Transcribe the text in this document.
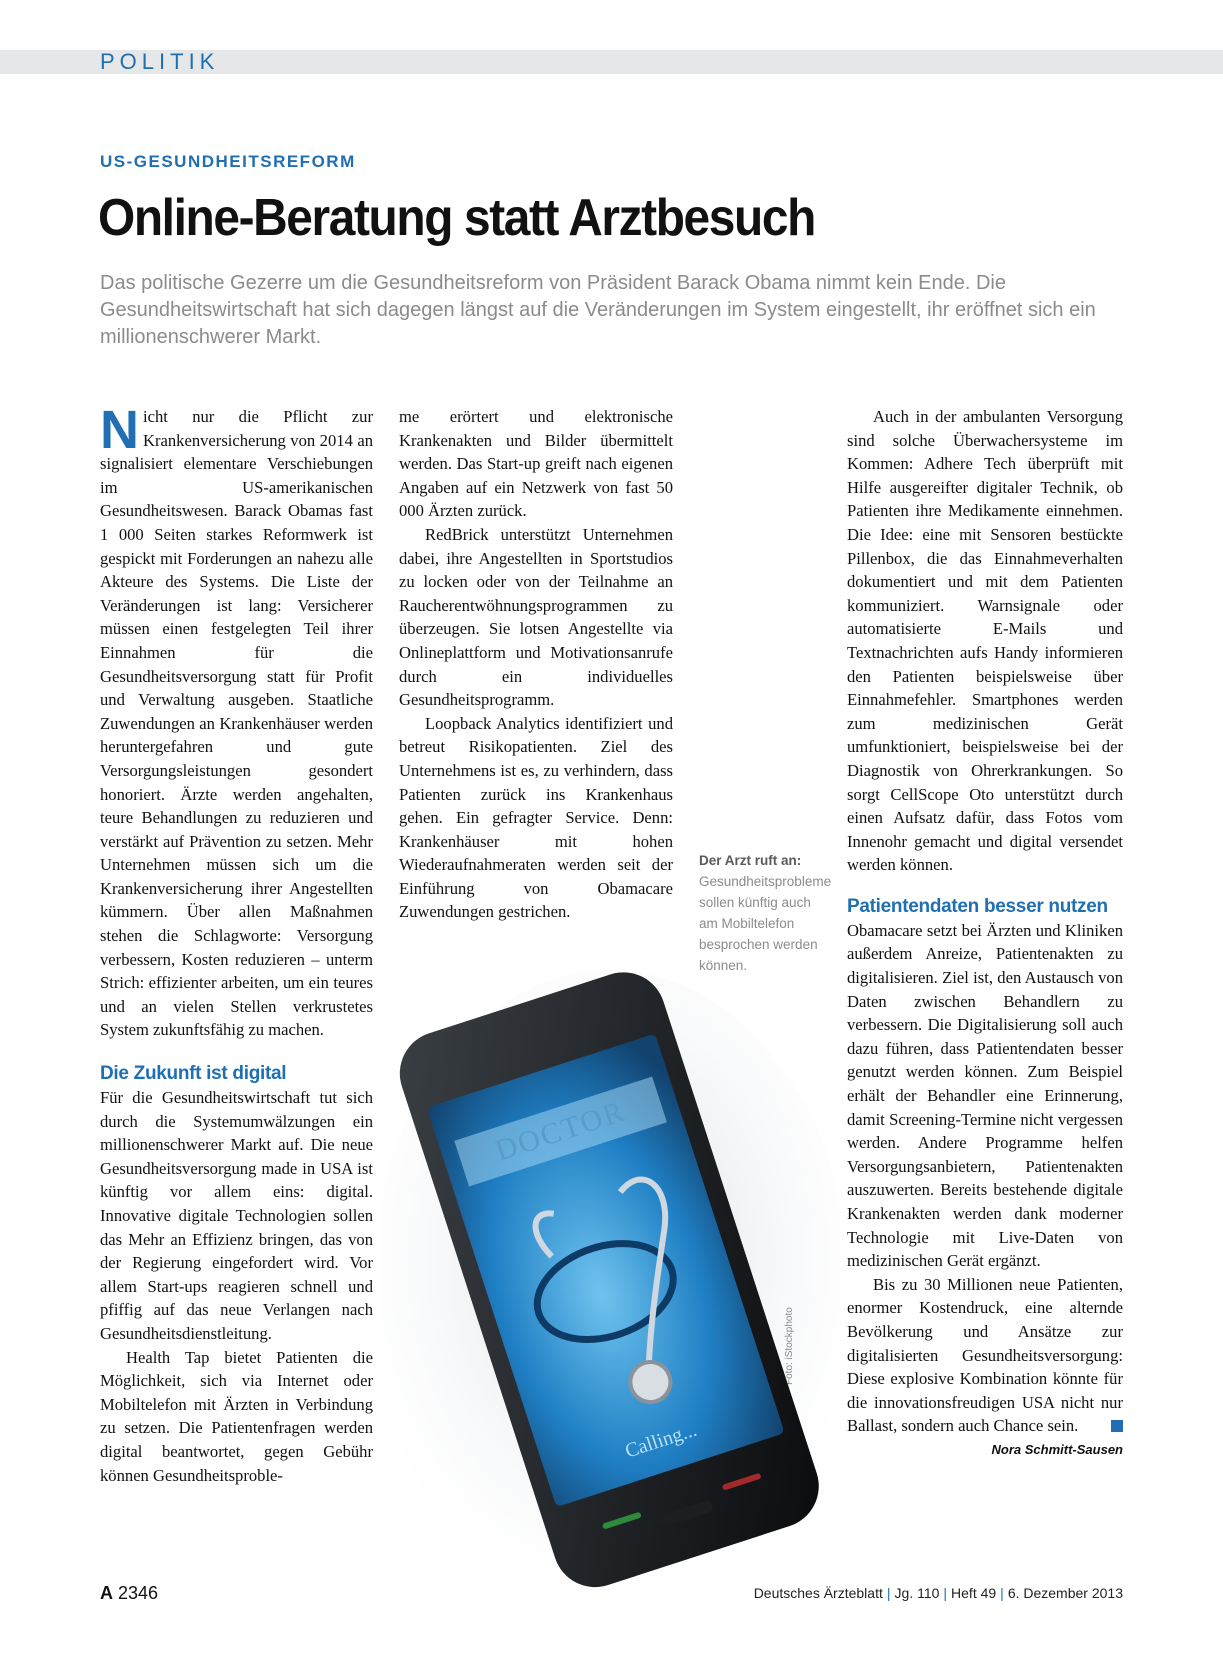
POLITIK
US-GESUNDHEITSREFORM
Online-Beratung statt Arztbesuch
Das politische Gezerre um die Gesundheitsreform von Präsident Barack Obama nimmt kein Ende. Die Gesundheitswirtschaft hat sich dagegen längst auf die Veränderungen im System eingestellt, ihr eröffnet sich ein millionenschwerer Markt.

Nicht nur die Pflicht zur Krankenversicherung von 2014 an signalisiert elementare Verschiebungen im US-amerikanischen Gesundheitswesen. Barack Obamas fast 1 000 Seiten starkes Reformwerk ist gespickt mit Forderungen an nahezu alle Akteure des Systems. Die Liste der Veränderungen ist lang: Versicherer müssen einen festgelegten Teil ihrer Einnahmen für die Gesundheitsversorgung statt für Profit und Verwaltung ausgeben. Staatliche Zuwendungen an Krankenhäuser werden heruntergefahren und gute Versorgungsleistungen gesondert honoriert. Ärzte werden angehalten, teure Behandlungen zu reduzieren und verstärkt auf Prävention zu setzen. Mehr Unternehmen müssen sich um die Krankenversicherung ihrer Angestellten kümmern. Über allen Maßnahmen stehen die Schlagworte: Versorgung verbessern, Kosten reduzieren – unterm Strich: effizienter arbeiten, um ein teures und an vielen Stellen verkrustetes System zukunftsfähig zu machen.

Die Zukunft ist digital

Für die Gesundheitswirtschaft tut sich durch die Systemumwälzungen ein millionenschwerer Markt auf. Die neue Gesundheitsversorgung made in USA ist künftig vor allem eins: digital. Innovative digitale Technologien sollen das Mehr an Effizienz bringen, das von der Regierung eingefordert wird. Vor allem Start-ups reagieren schnell und pfiffig auf das neue Verlangen nach Gesundheitsdienstleitung.

Health Tap bietet Patienten die Möglichkeit, sich via Internet oder Mobiltelefon mit Ärzten in Verbindung zu setzen. Die Patientenfragen werden digital beantwortet, gegen Gebühr können Gesundheitsproble-

me erörtert und elektronische Krankenakten und Bilder übermittelt werden. Das Start-up greift nach eigenen Angaben auf ein Netzwerk von fast 50 000 Ärzten zurück.

RedBrick unterstützt Unternehmen dabei, ihre Angestellten in Sportstudios zu locken oder von der Teilnahme an Raucherentwöhnungsprogrammen zu überzeugen. Sie lotsen Angestellte via Onlineplattform und Motivationsanrufe durch ein individuelles Gesundheitsprogramm.

Loopback Analytics identifiziert und betreut Risikopatienten. Ziel des Unternehmens ist es, zu verhindern, dass Patienten zurück ins Krankenhaus gehen. Ein gefragter Service. Denn: Krankenhäuser mit hohen Wiederaufnahmeraten werden seit der Einführung von Obamacare Zuwendungen gestrichen.

Auch in der ambulanten Versorgung sind solche Überwachersysteme im Kommen: Adhere Tech überprüft mit Hilfe ausgereifter digitaler Technik, ob Patienten ihre Medikamente einnehmen. Die Idee: eine mit Sensoren bestückte Pillenbox, die das Einnahmeverhalten dokumentiert und mit dem Patienten kommuniziert. Warnsignale oder automatisierte E-Mails und Textnachrichten aufs Handy informieren den Patienten beispielsweise über Einnahmefehler. Smartphones werden zum medizinischen Gerät umfunktioniert, beispielsweise bei der Diagnostik von Ohrerkrankungen. So sorgt CellScope Oto unterstützt durch einen Aufsatz dafür, dass Fotos vom Innenohr gemacht und digital versendet werden können.

Patientendaten besser nutzen

Obamacare setzt bei Ärzten und Kliniken außerdem Anreize, Patientenakten zu digitalisieren. Ziel ist, den Austausch von Daten zwischen Behandlern zu verbessern. Die Digitalisierung soll auch dazu führen, dass Patientendaten besser genutzt werden können. Zum Beispiel erhält der Behandler eine Erinnerung, damit Screening-Termine nicht vergessen werden. Andere Programme helfen Versorgungsanbietern, Patientenakten auszuwerten. Bereits bestehende digitale Krankenakten werden dank moderner Technologie mit Live-Daten von medizinischen Gerät ergänzt.

Bis zu 30 Millionen neue Patienten, enormer Kostendruck, eine alternde Bevölkerung und Ansätze zur digitalisierten Gesundheitsversorgung: Diese explosive Kombination könnte für die innovationsfreudigen USA nicht nur Ballast, sondern auch Chance sein.

Nora Schmitt-Sausen
Der Arzt ruft an:
Gesundheitsprobleme sollen künftig auch am Mobiltelefon besprochen werden können.
DOCTOR
Calling...
A 2346	Deutsches Ärzteblatt | Jg. 110 | Heft 49 | 6. Dezember 2013
